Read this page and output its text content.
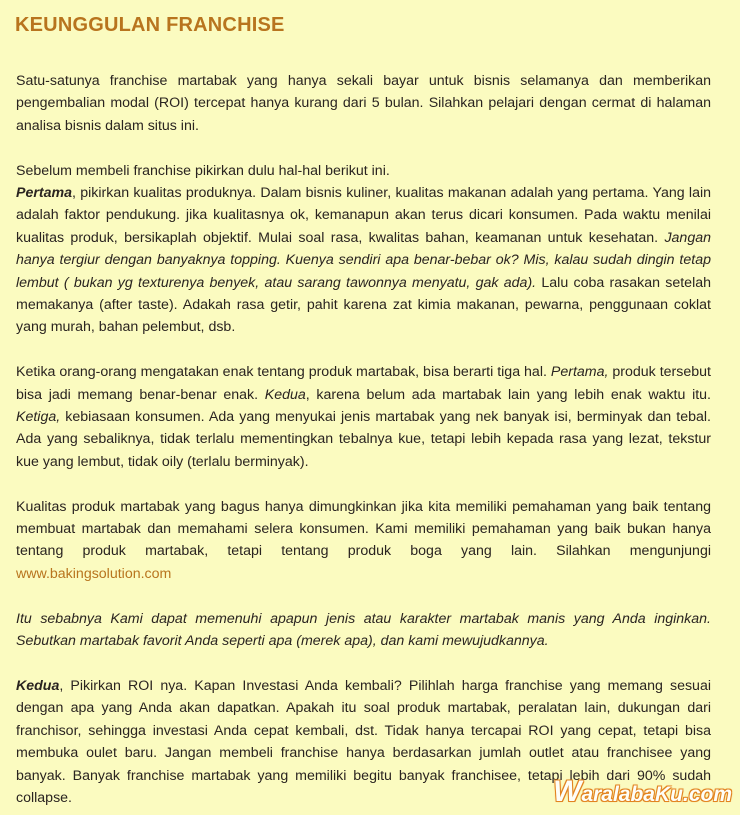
KEUNGGULAN FRANCHISE

Satu-satunya franchise martabak yang hanya sekali bayar untuk bisnis selamanya dan memberikan pengembalian modal (ROI) tercepat hanya kurang dari 5 bulan. Silahkan pelajari dengan cermat di halaman analisa bisnis dalam situs ini.

Sebelum membeli franchise pikirkan dulu hal-hal berikut ini.
Pertama, pikirkan kualitas produknya. Dalam bisnis kuliner, kualitas makanan adalah yang pertama. Yang lain adalah faktor pendukung. jika kualitasnya ok, kemanapun akan terus dicari konsumen. Pada waktu menilai kualitas produk, bersikaplah objektif. Mulai soal rasa, kwalitas bahan, keamanan untuk kesehatan. Jangan hanya tergiur dengan banyaknya topping. Kuenya sendiri apa benar-bebar ok? Mis, kalau sudah dingin tetap lembut ( bukan yg texturenya benyek, atau sarang tawonnya menyatu, gak ada). Lalu coba rasakan setelah memakanya (after taste). Adakah rasa getir, pahit karena zat kimia makanan, pewarna, penggunaan coklat yang murah, bahan pelembut, dsb.

Ketika orang-orang mengatakan enak tentang produk martabak, bisa berarti tiga hal. Pertama, produk tersebut bisa jadi memang benar-benar enak. Kedua, karena belum ada martabak lain yang lebih enak waktu itu. Ketiga, kebiasaan konsumen. Ada yang menyukai jenis martabak yang nek banyak isi, berminyak dan tebal. Ada yang sebaliknya, tidak terlalu mementingkan tebalnya kue, tetapi lebih kepada rasa yang lezat, tekstur kue yang lembut, tidak oily (terlalu berminyak).

Kualitas produk martabak yang bagus hanya dimungkinkan jika kita memiliki pemahaman yang baik tentang membuat martabak dan memahami selera konsumen. Kami memiliki pemahaman yang baik bukan hanya tentang produk martabak, tetapi tentang produk boga yang lain. Silahkan mengunjungi www.bakingsolution.com

Itu sebabnya Kami dapat memenuhi apapun jenis atau karakter martabak manis yang Anda inginkan. Sebutkan martabak favorit Anda seperti apa (merek apa), dan kami mewujudkannya.

Kedua, Pikirkan ROI nya. Kapan Investasi Anda kembali? Pilihlah harga franchise yang memang sesuai dengan apa yang Anda akan dapatkan. Apakah itu soal produk martabak, peralatan lain, dukungan dari franchisor, sehingga investasi Anda cepat kembali, dst. Tidak hanya tercapai ROI yang cepat, tetapi bisa membuka oulet baru. Jangan membeli franchise hanya berdasarkan jumlah outlet atau franchisee yang banyak. Banyak franchise martabak yang memiliki begitu banyak franchisee, tetapi lebih dari 90% sudah collapse.	WaralabaKu.com
